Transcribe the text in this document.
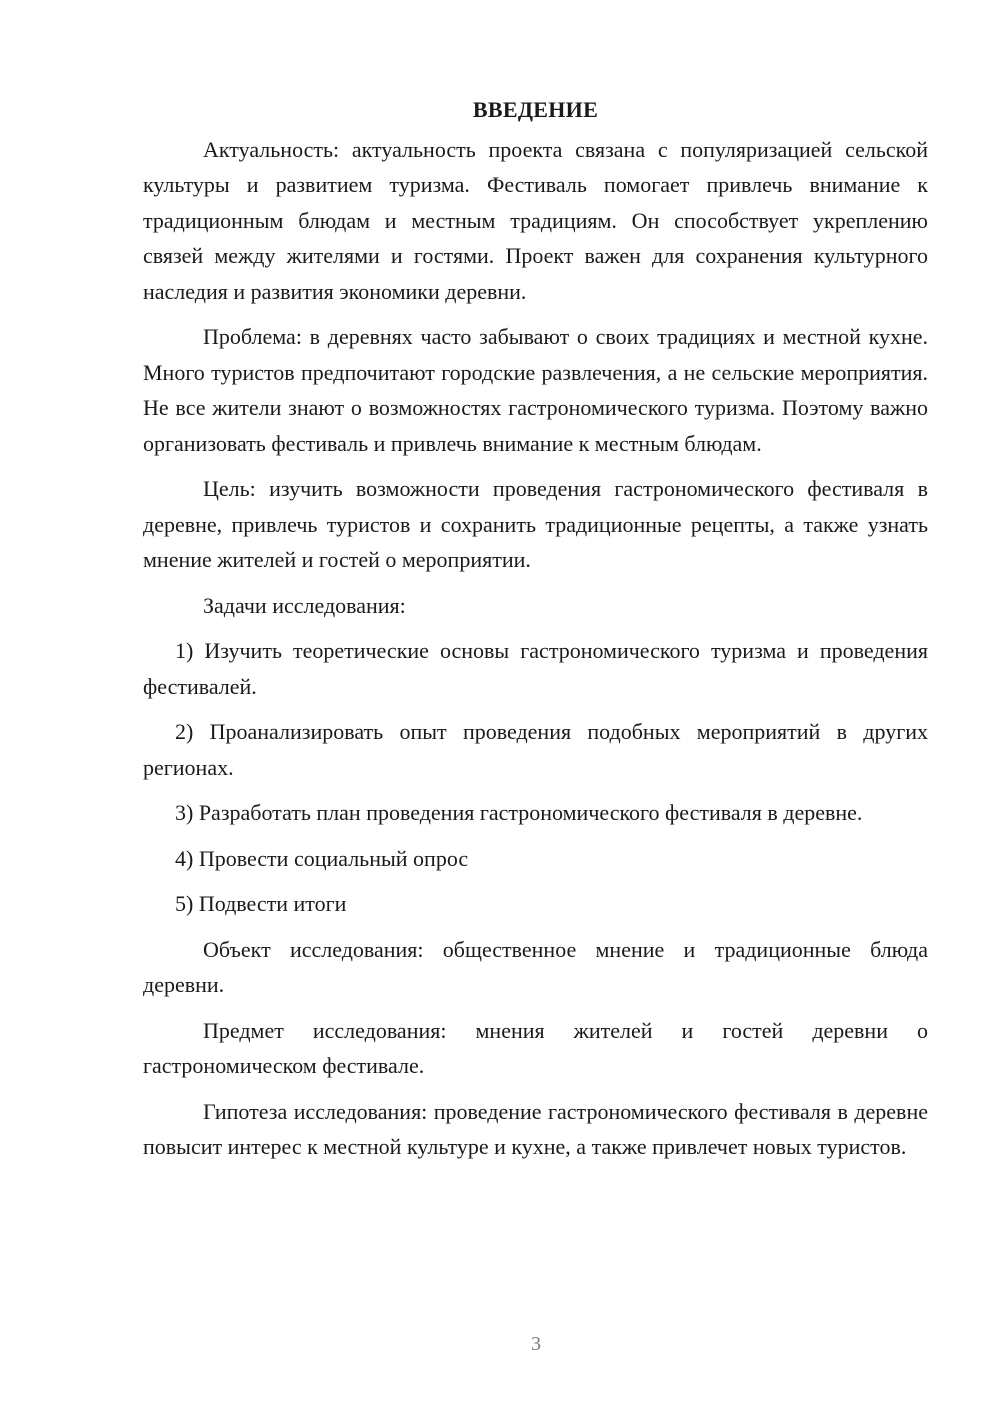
ВВЕДЕНИЕ

Актуальность: актуальность проекта связана с популяризацией сельской культуры и развитием туризма. Фестиваль помогает привлечь внимание к традиционным блюдам и местным традициям. Он способствует укреплению связей между жителями и гостями. Проект важен для сохранения культурного наследия и развития экономики деревни.

Проблема: в деревнях часто забывают о своих традициях и местной кухне. Много туристов предпочитают городские развлечения, а не сельские мероприятия. Не все жители знают о возможностях гастрономического туризма. Поэтому важно организовать фестиваль и привлечь внимание к местным блюдам.

Цель: изучить возможности проведения гастрономического фестиваля в деревне, привлечь туристов и сохранить традиционные рецепты, а также узнать мнение жителей и гостей о мероприятии.

Задачи исследования:

1) Изучить теоретические основы гастрономического туризма и проведения фестивалей.

2) Проанализировать опыт проведения подобных мероприятий в других регионах.

3) Разработать план проведения гастрономического фестиваля в деревне.

4) Провести социальный опрос

5) Подвести итоги

Объект исследования: общественное мнение и традиционные блюда деревни.

Предмет исследования: мнения жителей и гостей деревни о гастрономическом фестивале.

Гипотеза исследования: проведение гастрономического фестиваля в деревне повысит интерес к местной культуре и кухне, а также привлечет новых туристов.

3
